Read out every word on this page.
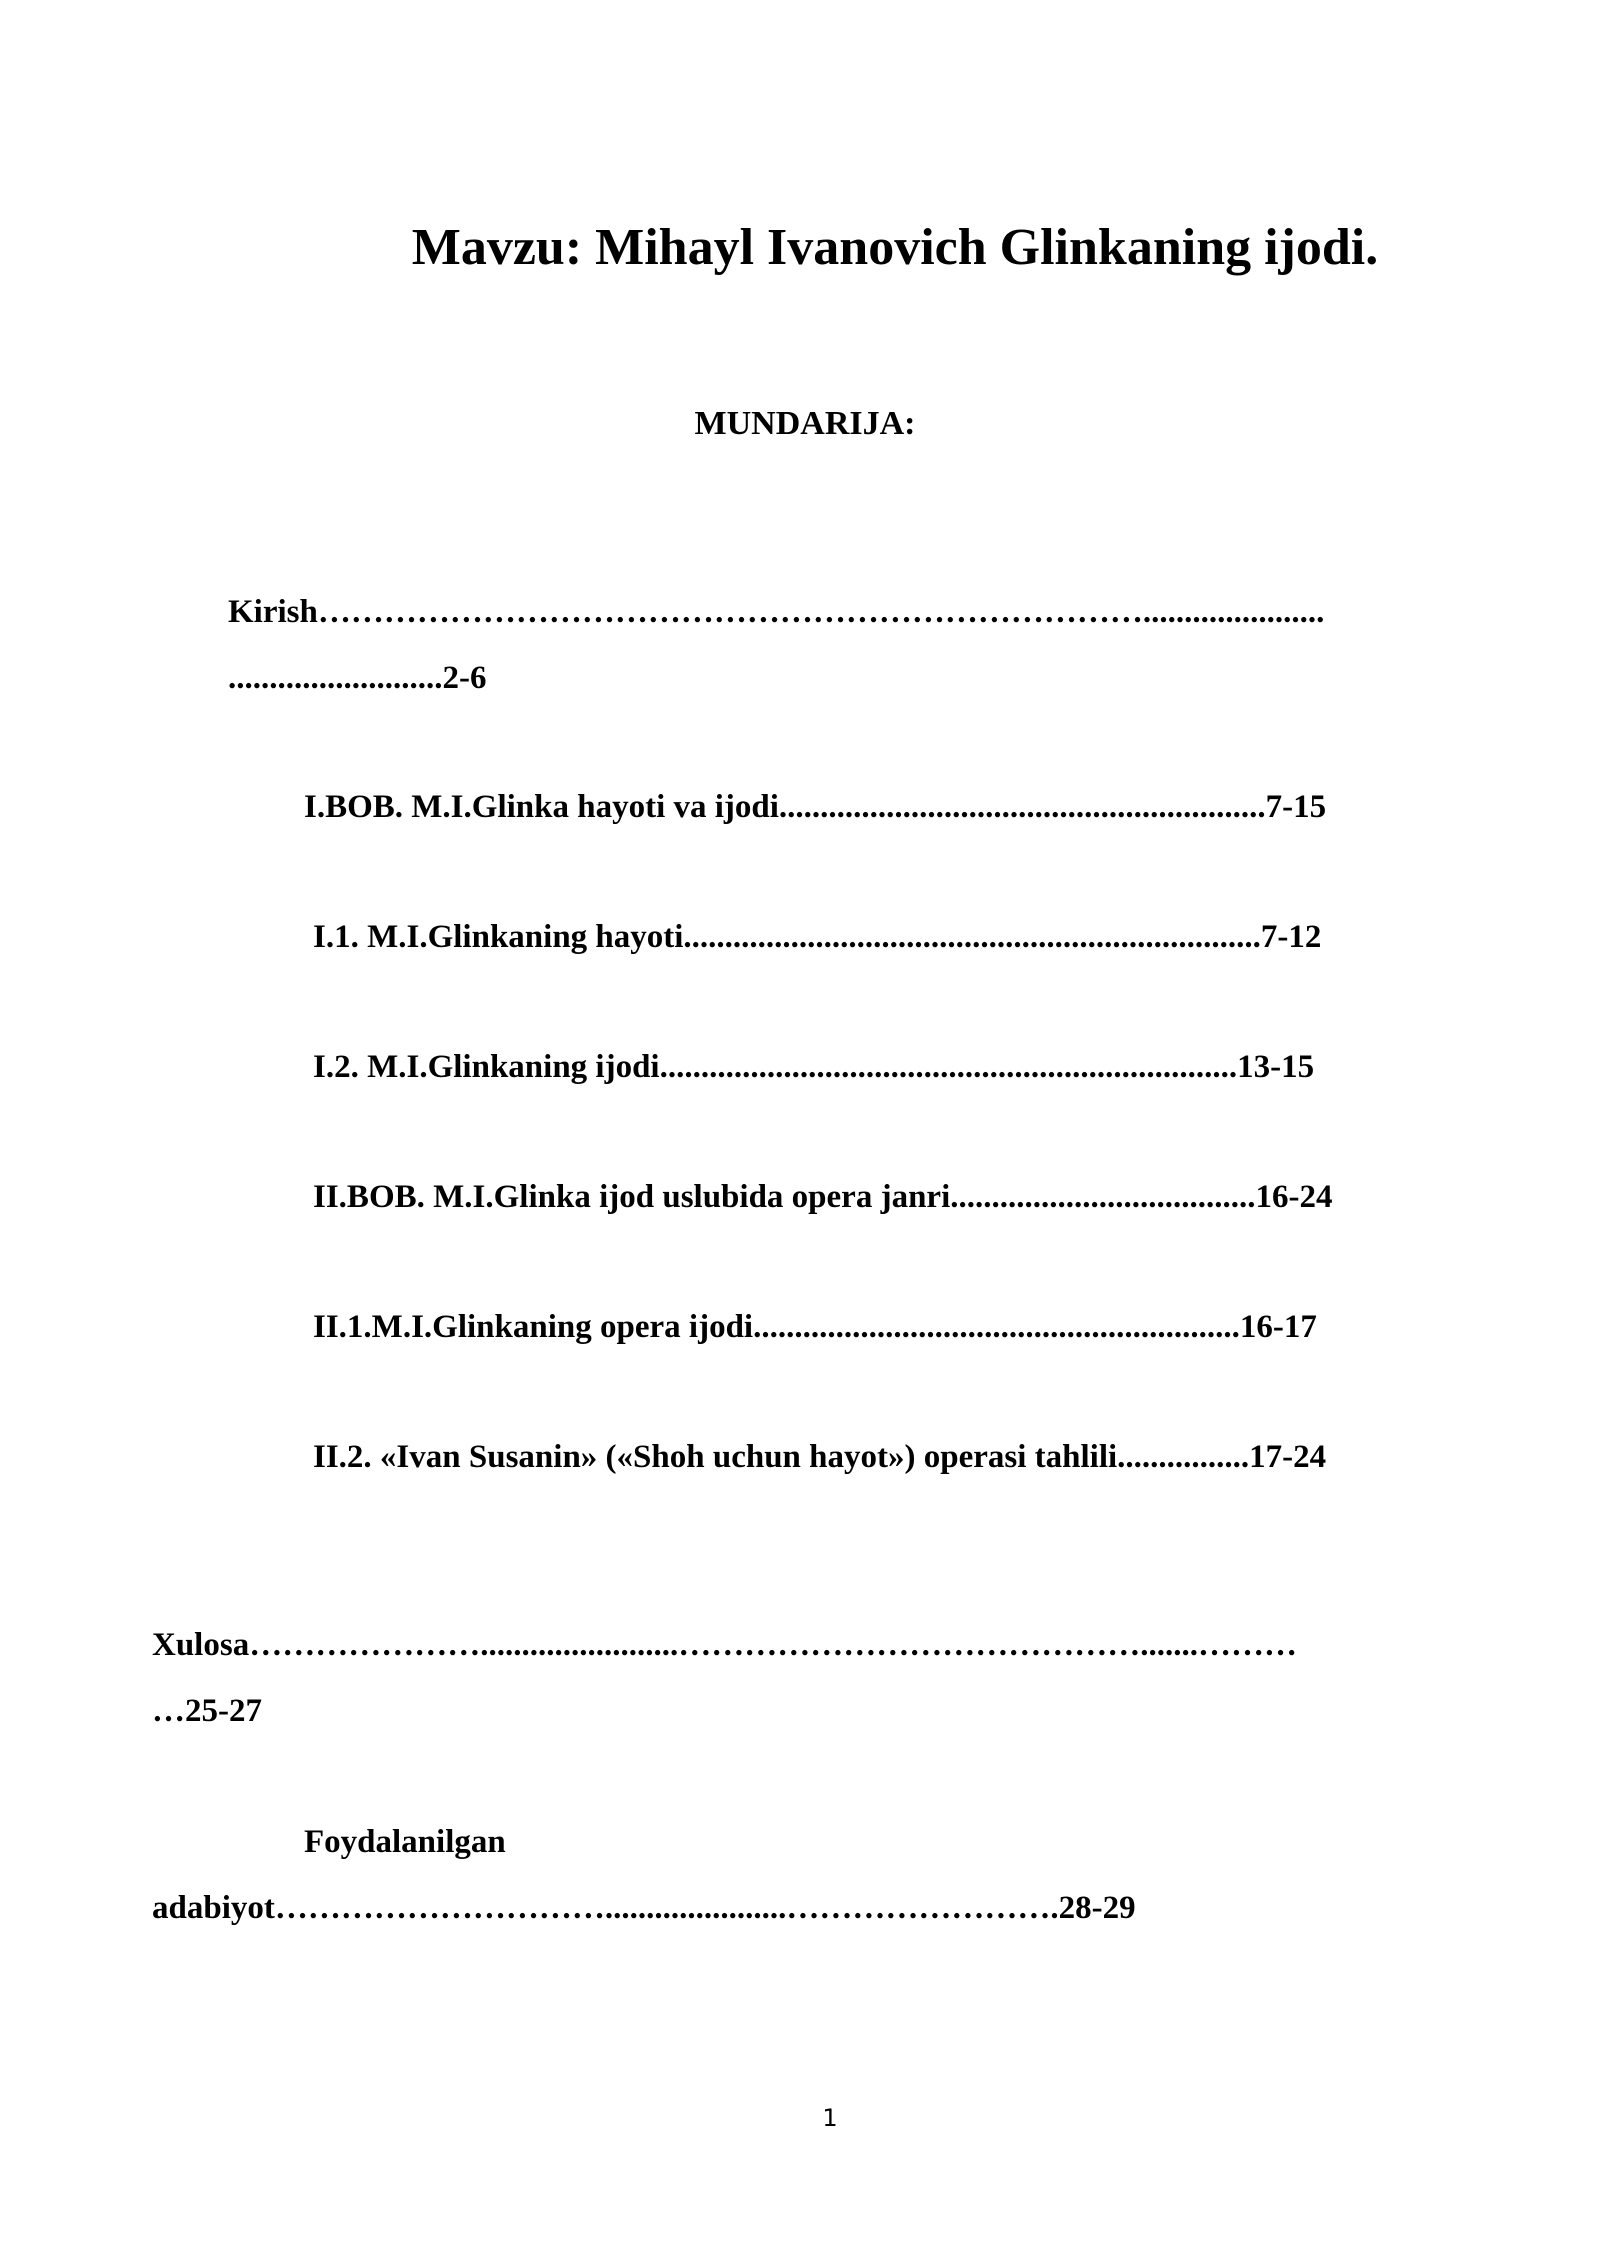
Mavzu: Mihayl Ivanovich Glinkaning ijodi.
MUNDARIJA:
Kirish…………………………………………………………………......................
..........................2-6
I.BOB. M.I.Glinka hayoti va ijodi...........................................................7-15
I.1. M.I.Glinkaning hayoti......................................................................7-12
I.2. M.I.Glinkaning ijodi......................................................................13-15
II.BOB. M.I.Glinka ijod uslubida opera janri.....................................16-24
II.1.M.I.Glinkaning opera ijodi...........................................................16-17
II.2. «Ivan Susanin» («Shoh uchun hayot») operasi tahlili................17-24
Xulosa…………………........................…………………………………….......………
…25-27
Foydalanilgan
adabiyot…………………………......................…………………….28-29
1
